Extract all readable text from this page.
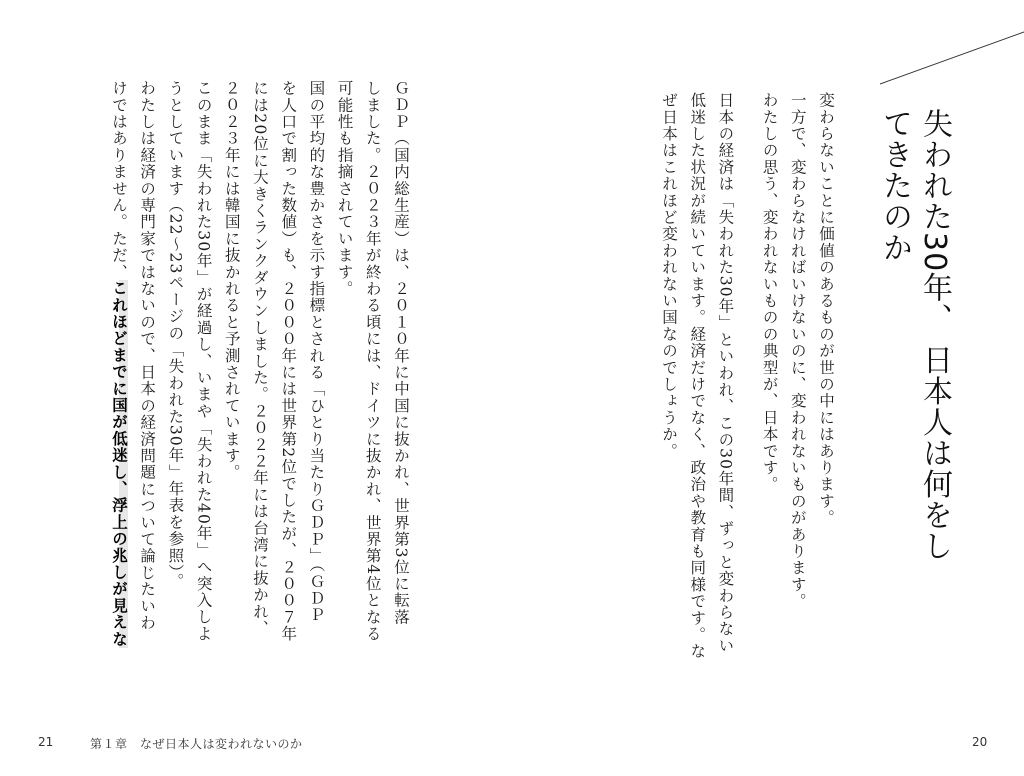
失われた30年、 日本人は何をしてきたのか
変わらないことに価値のあるものが世の中にはあります。
一方で、変わらなければいけないのに、変われないものがあります。
わたしの思う、変われないものの典型が、日本です。
日本の経済は「失われた30年」といわれ、この30年間、ずっと変わらない
低迷した状況が続いています。経済だけでなく、政治や教育も同様です。な
ぜ日本はこれほど変われない国なのでしょうか。
ＧＤＰ（国内総生産）は、２０１０年に中国に抜かれ、世界第3位に転落
しました。２０２３年が終わる頃には、ドイツに抜かれ、世界第4位となる
可能性も指摘されています。
国の平均的な豊かさを示す指標とされる「ひとり当たりＧＤＰ」（ＧＤＰ
を人口で割った数値）も、２０００年には世界第2位でしたが、２００７年
には20位に大きくランクダウンしました。２０２２年には台湾に抜かれ、
２０２３年には韓国に抜かれると予測されています。
このまま「失われた30年」が経過し、いまや「失われた40年」へ突入しよ
うとしています（22〜23ページの「失われた30年」年表を参照）。
わたしは経済の専門家ではないので、日本の経済問題について論じたいわ
けではありません。ただ、これほどまでに国が低迷し、浮上の兆しが見えな
21	第１章　なぜ日本人は変われないのか	20
